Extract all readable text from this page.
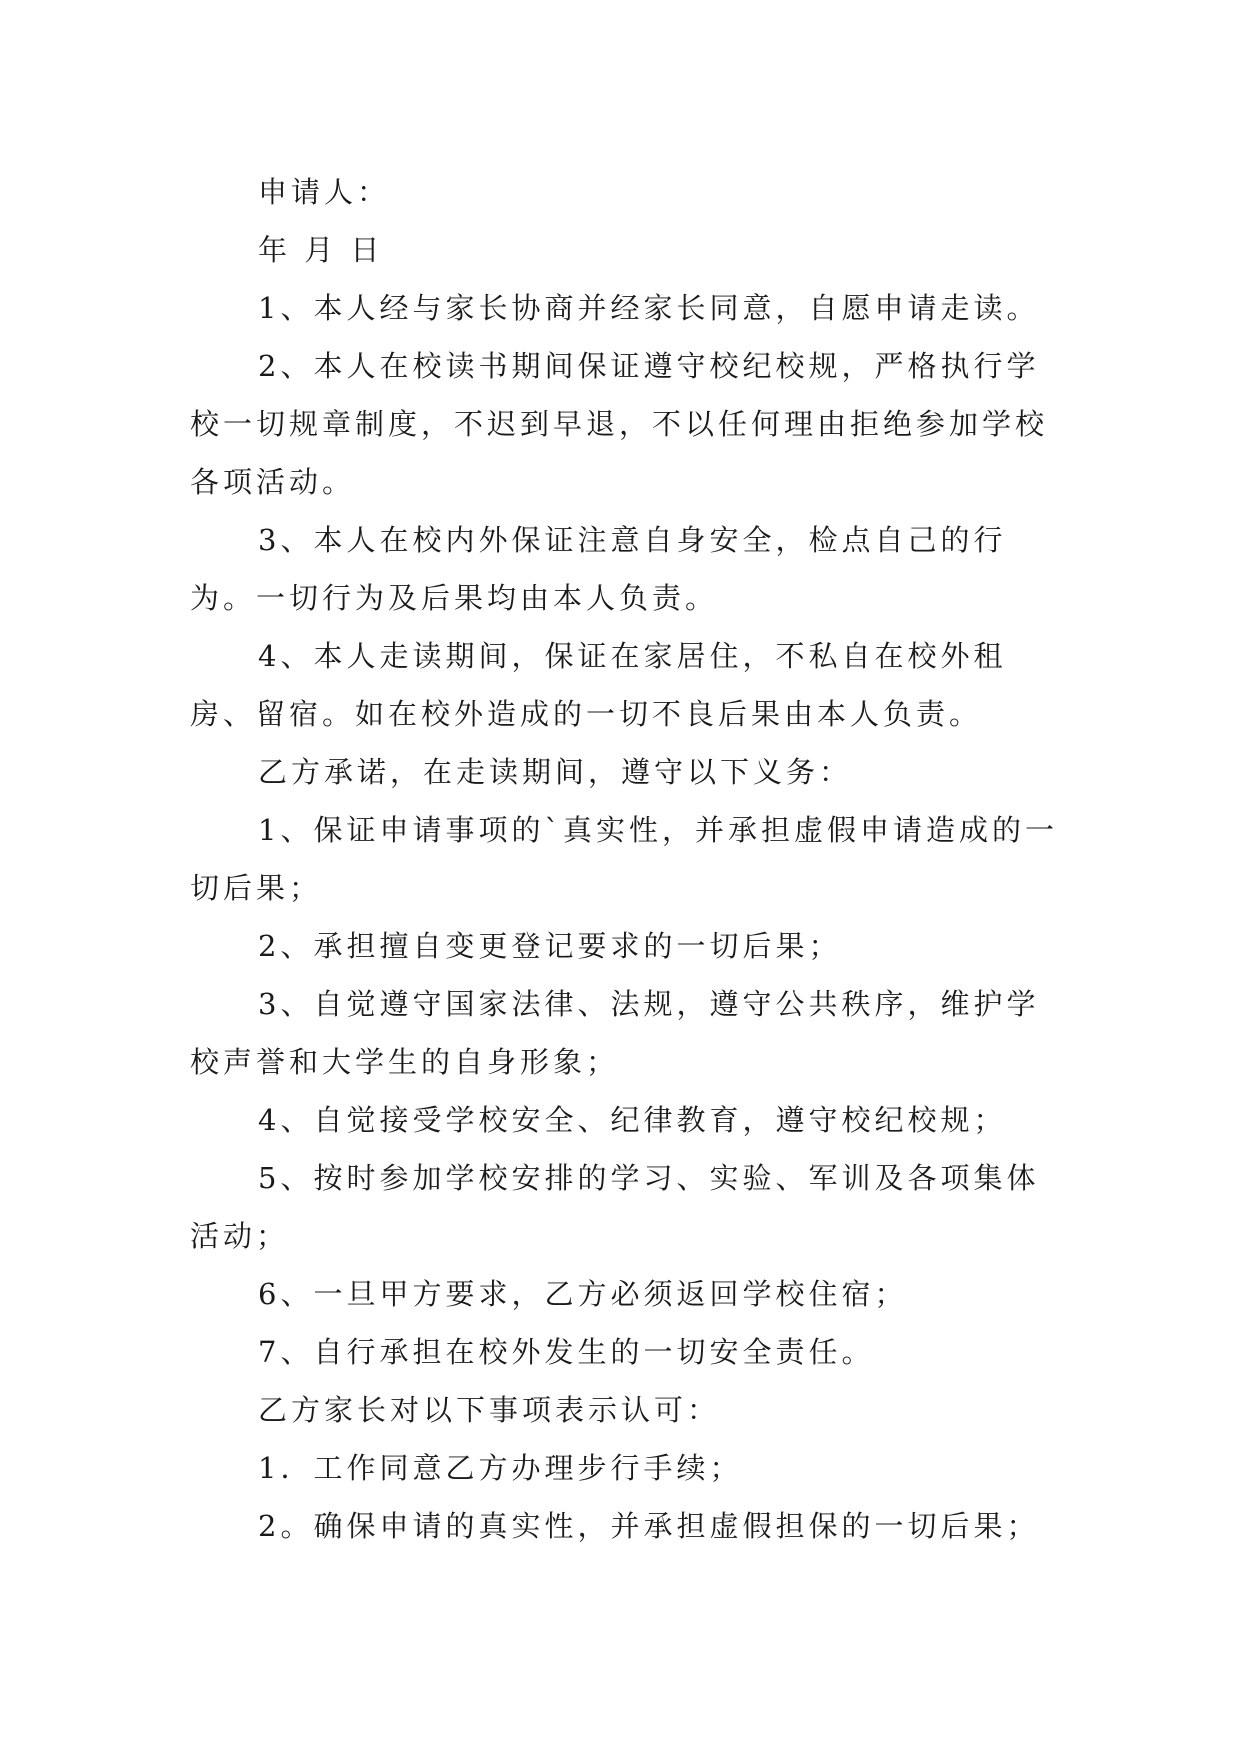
申请人：

年 月 日

1、本人经与家长协商并经家长同意，自愿申请走读。

2、本人在校读书期间保证遵守校纪校规，严格执行学校一切规章制度，不迟到早退，不以任何理由拒绝参加学校各项活动。

3、本人在校内外保证注意自身安全，检点自己的行为。一切行为及后果均由本人负责。

4、本人走读期间，保证在家居住，不私自在校外租房、留宿。如在校外造成的一切不良后果由本人负责。

乙方承诺，在走读期间，遵守以下义务：

1、保证申请事项的`真实性，并承担虚假申请造成的一切后果；

2、承担擅自变更登记要求的一切后果；

3、自觉遵守国家法律、法规，遵守公共秩序，维护学校声誉和大学生的自身形象；

4、自觉接受学校安全、纪律教育，遵守校纪校规；

5、按时参加学校安排的学习、实验、军训及各项集体活动；

6、一旦甲方要求，乙方必须返回学校住宿；

7、自行承担在校外发生的一切安全责任。

乙方家长对以下事项表示认可：

1．工作同意乙方办理步行手续；

2。确保申请的真实性，并承担虚假担保的一切后果；
